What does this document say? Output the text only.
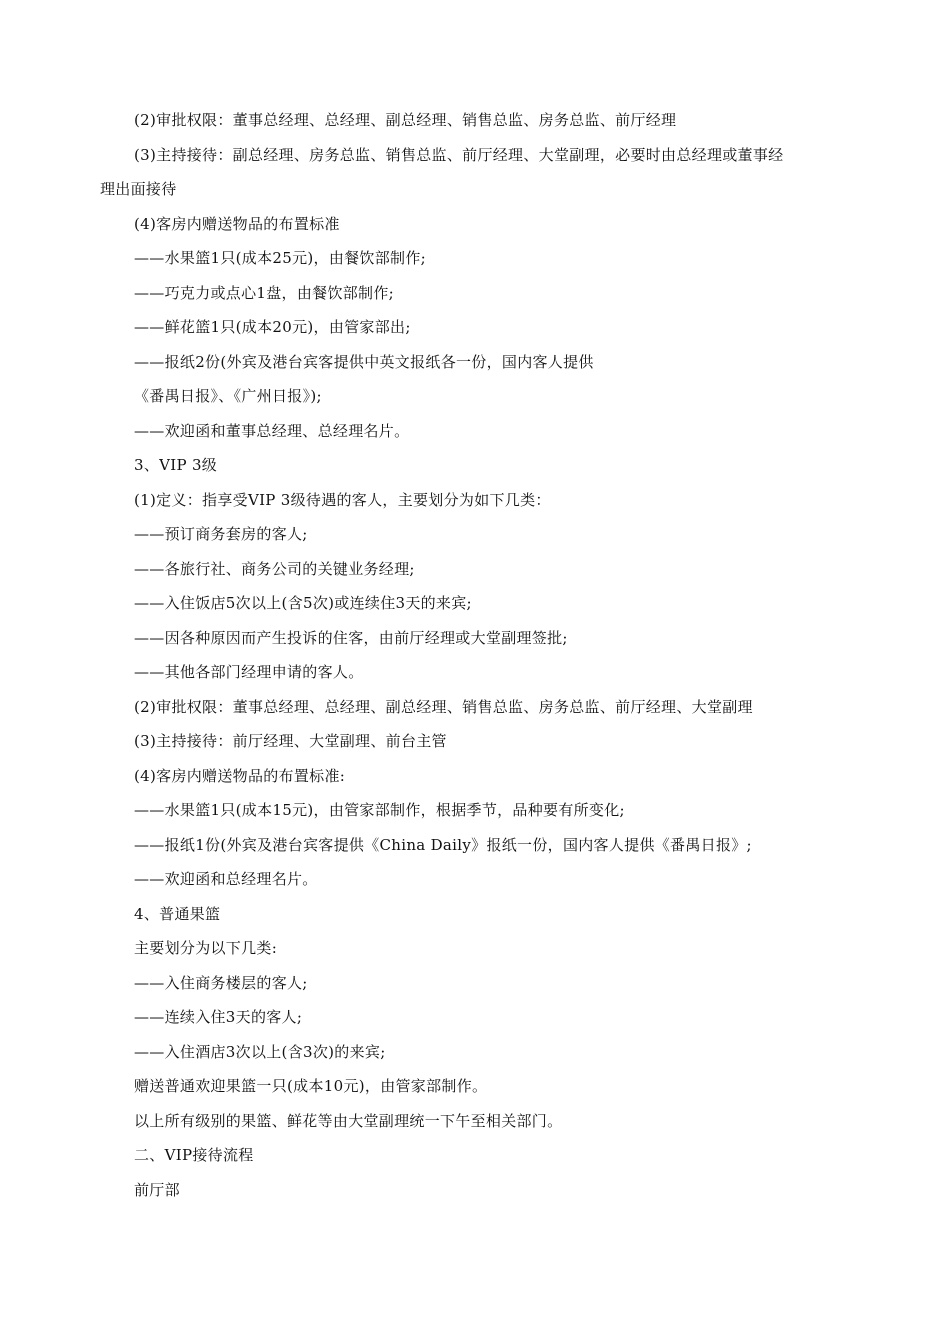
(2)审批权限：董事总经理、总经理、副总经理、销售总监、房务总监、前厅经理
(3)主持接待：副总经理、房务总监、销售总监、前厅经理、大堂副理，必要时由总经理或董事经
理出面接待
(4)客房内赠送物品的布置标准
——水果篮1只(成本25元)，由餐饮部制作;
——巧克力或点心1盘，由餐饮部制作;
——鲜花篮1只(成本20元)，由管家部出;
——报纸2份(外宾及港台宾客提供中英文报纸各一份，国内客人提供
《番禺日报》、《广州日报》);
——欢迎函和董事总经理、总经理名片。
3、VIP 3级
(1)定义：指享受VIP 3级待遇的客人，主要划分为如下几类：
——预订商务套房的客人;
——各旅行社、商务公司的关键业务经理;
——入住饭店5次以上(含5次)或连续住3天的来宾;
——因各种原因而产生投诉的住客，由前厅经理或大堂副理签批;
——其他各部门经理申请的客人。
(2)审批权限：董事总经理、总经理、副总经理、销售总监、房务总监、前厅经理、大堂副理
(3)主持接待：前厅经理、大堂副理、前台主管
(4)客房内赠送物品的布置标准:
——水果篮1只(成本15元)，由管家部制作，根据季节，品种要有所变化;
——报纸1份(外宾及港台宾客提供《China Daily》报纸一份，国内客人提供《番禺日报》;
——欢迎函和总经理名片。
4、普通果篮
主要划分为以下几类:
——入住商务楼层的客人;
——连续入住3天的客人;
——入住酒店3次以上(含3次)的来宾;
赠送普通欢迎果篮一只(成本10元)，由管家部制作。
以上所有级别的果篮、鲜花等由大堂副理统一下午至相关部门。
二、VIP接待流程
前厅部
